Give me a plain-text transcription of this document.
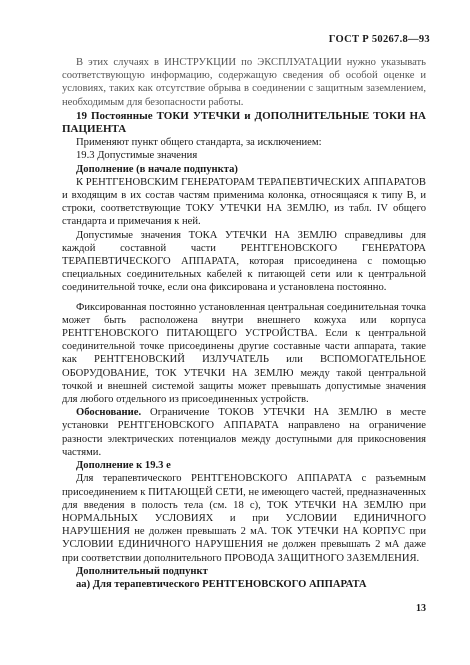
ГОСТ Р 50267.8—93

В этих случаях в ИНСТРУКЦИИ по ЭКСПЛУАТАЦИИ нужно указывать соответствующую информацию, содержащую сведения об особой оценке и условиях, таких как отсутствие обрыва в соединении с защитным заземлением, необходимым для безопасности работы.

19 Постоянные ТОКИ УТЕЧКИ и ДОПОЛНИТЕЛЬНЫЕ ТОКИ НА ПАЦИЕНТА

Применяют пункт общего стандарта, за исключением:

19.3 Допустимые значения

Дополнение (в начале подпункта)

К РЕНТГЕНОВСКИМ ГЕНЕРАТОРАМ ТЕРАПЕВТИЧЕСКИХ АППАРАТОВ и входящим в их состав частям применима колонка, относящаяся к типу В, и строки, соответствующие ТОКУ УТЕЧКИ НА ЗЕМЛЮ, из табл. IV общего стандарта и примечания к ней.

Допустимые значения ТОКА УТЕЧКИ НА ЗЕМЛЮ справедливы для каждой составной части РЕНТГЕНОВСКОГО ГЕНЕРАТОРА ТЕРАПЕВТИЧЕСКОГО АППАРАТА, которая присоединена с помощью специальных соединительных кабелей к питающей сети или к центральной соединительной точке, если она фиксирована и установлена постоянно.

Фиксированная постоянно установленная центральная соединительная точка может быть расположена внутри внешнего кожуха или корпуса РЕНТГЕНОВСКОГО ПИТАЮЩЕГО УСТРОЙСТВА. Если к центральной соединительной точке присоединены другие составные части аппарата, такие как РЕНТГЕНОВСКИЙ ИЗЛУЧАТЕЛЬ или ВСПОМОГАТЕЛЬНОЕ ОБОРУДОВАНИЕ, ТОК УТЕЧКИ НА ЗЕМЛЮ между такой центральной точкой и внешней системой защиты может превышать допустимые значения для любого отдельного из присоединенных устройств.

Обоснование. Ограничение ТОКОВ УТЕЧКИ НА ЗЕМЛЮ в месте установки РЕНТГЕНОВСКОГО АППАРАТА направлено на ограничение разности электрических потенциалов между доступными для прикосновения частями.

Дополнение к 19.3 е

Для терапевтического РЕНТГЕНОВСКОГО АППАРАТА с разъемным присоединением к ПИТАЮЩЕЙ СЕТИ, не имеющего частей, предназначенных для введения в полость тела (см. 18 с), ТОК УТЕЧКИ НА ЗЕМЛЮ при НОРМАЛЬНЫХ УСЛОВИЯХ и при УСЛОВИИ ЕДИНИЧНОГО НАРУШЕНИЯ не должен превышать 2 мА. ТОК УТЕЧКИ НА КОРПУС при УСЛОВИИ ЕДИНИЧНОГО НАРУШЕНИЯ не должен превышать 2 мА даже при соответствии дополнительного ПРОВОДА ЗАЩИТНОГО ЗАЗЕМЛЕНИЯ.

Дополнительный подпункт

аа) Для терапевтического РЕНТГЕНОВСКОГО АППАРАТА

13
